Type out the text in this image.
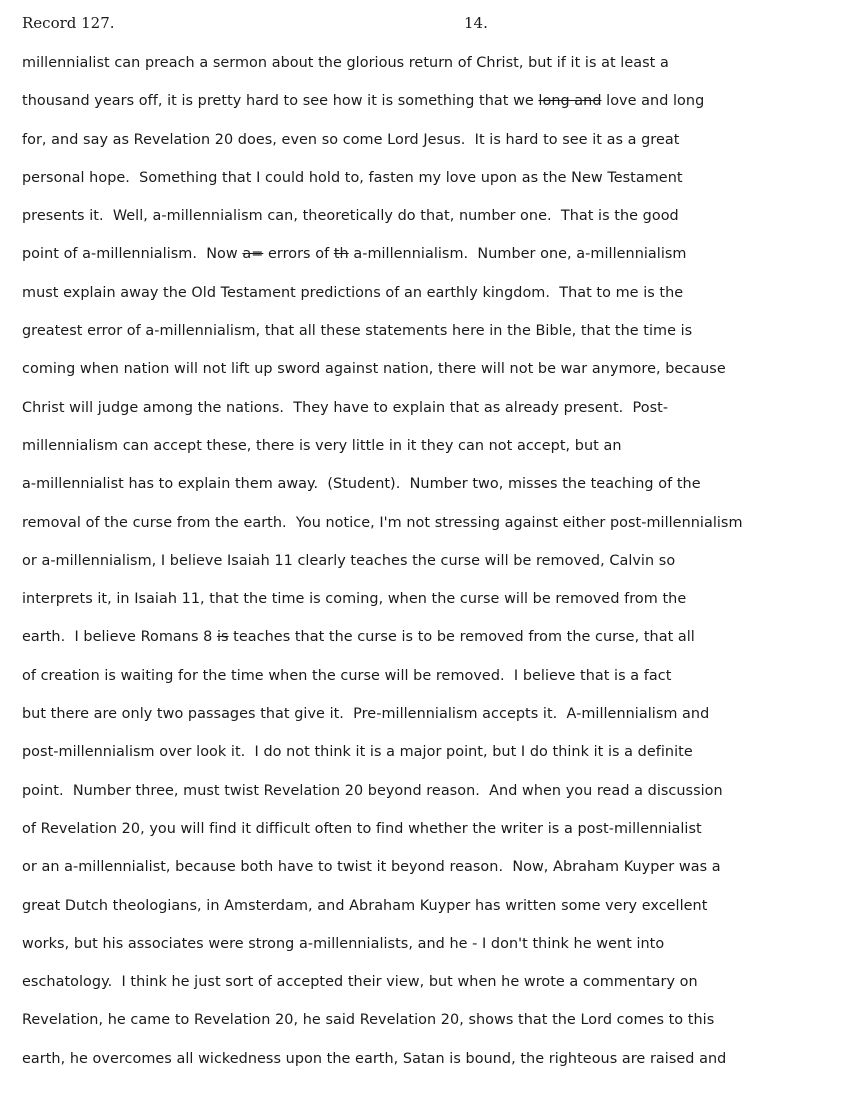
Record 127.	14.
millennialist can preach a sermon about the glorious return of Christ, but if it is at least a
thousand years off, it is pretty hard to see how it is something that we long and love and long
for, and say as Revelation 20 does, even so come Lord Jesus.  It is hard to see it as a great
personal hope.  Something that I could hold to, fasten my love upon as the New Testament
presents it.  Well, a-millennialism can, theoretically do that, number one.  That is the good
point of a-millennialism.  Now a= errors of th a-millennialism.  Number one, a-millennialism
must explain away the Old Testament predictions of an earthly kingdom.  That to me is the
greatest error of a-millennialism, that all these statements here in the Bible, that the time is
coming when nation will not lift up sword against nation, there will not be war anymore, because
Christ will judge among the nations.  They have to explain that as already present.  Post-
millennialism can accept these, there is very little in it they can not accept, but an
a-millennialist has to explain them away.  (Student).  Number two, misses the teaching of the
removal of the curse from the earth.  You notice, I'm not stressing against either post-millennialism
or a-millennialism, I believe Isaiah 11 clearly teaches the curse will be removed, Calvin so
interprets it, in Isaiah 11, that the time is coming, when the curse will be removed from the
earth.  I believe Romans 8 is teaches that the curse is to be removed from the curse, that all
of creation is waiting for the time when the curse will be removed.  I believe that is a fact
but there are only two passages that give it.  Pre-millennialism accepts it.  A-millennialism and
post-millennialism over look it.  I do not think it is a major point, but I do think it is a definite
point.  Number three, must twist Revelation 20 beyond reason.  And when you read a discussion
of Revelation 20, you will find it difficult often to find whether the writer is a post-millennialist
or an a-millennialist, because both have to twist it beyond reason.  Now, Abraham Kuyper was a
great Dutch theologians, in Amsterdam, and Abraham Kuyper has written some very excellent
works, but his associates were strong a-millennialists, and he - I don't think he went into
eschatology.  I think he just sort of accepted their view, but when he wrote a commentary on
Revelation, he came to Revelation 20, he said Revelation 20, shows that the Lord comes to this
earth, he overcomes all wickedness upon the earth, Satan is bound, the righteous are raised and
